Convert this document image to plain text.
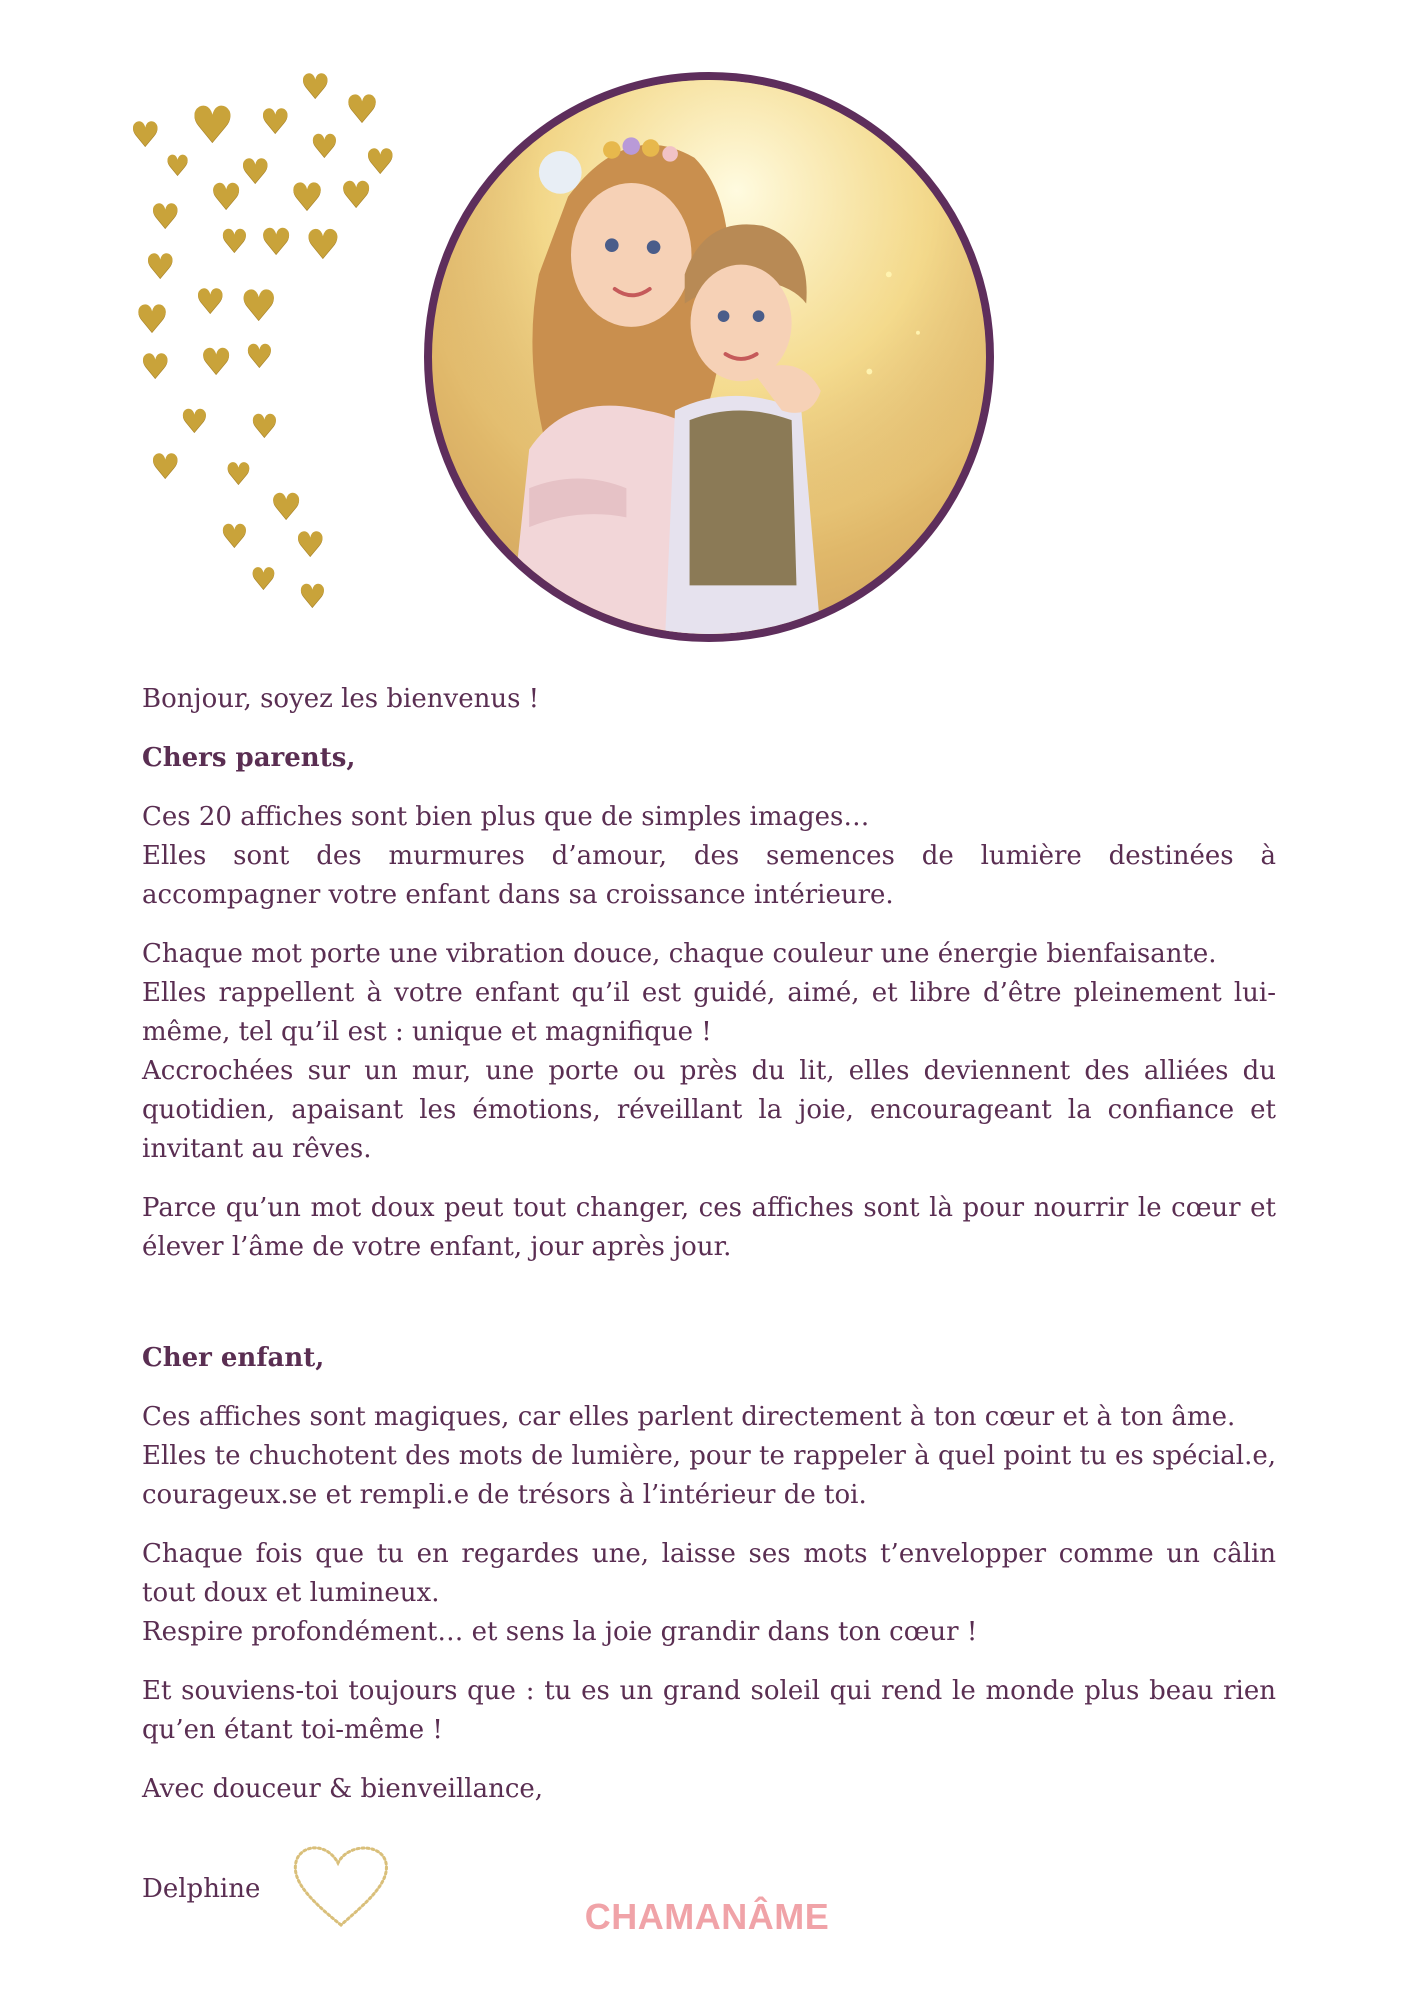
♥ ♥
♥
♥	♥
♥ ♥
♥
♥
♥ ♥ ♥
♥
♥ ♥ ♥
♥
♥ ♥
♥
♥ ♥
♥
♥ ♥
♥ ♥
♥
♥ ♥
♥ ♥

Bonjour, soyez les bienvenus !

Chers parents,

Ces 20 affiches sont bien plus que de simples images…
Elles sont des murmures d’amour, des semences de lumière destinées à accompagner votre enfant dans sa croissance intérieure.

Chaque mot porte une vibration douce, chaque couleur une énergie bienfaisante.
Elles rappellent à votre enfant qu’il est guidé, aimé, et libre d’être pleinement lui-même, tel qu’il est : unique et magnifique !
Accrochées sur un mur, une porte ou près du lit, elles deviennent des alliées du quotidien, apaisant les émotions, réveillant la joie, encourageant la confiance et invitant au rêves.

Parce qu’un mot doux peut tout changer, ces affiches sont là pour nourrir le cœur et élever l’âme de votre enfant, jour après jour.

Cher enfant,

Ces affiches sont magiques, car elles parlent directement à ton cœur et à ton âme.
Elles te chuchotent des mots de lumière, pour te rappeler à quel point tu es spécial.e, courageux.se et rempli.e de trésors à l’intérieur de toi.

Chaque fois que tu en regardes une, laisse ses mots t’envelopper comme un câlin tout doux et lumineux.
Respire profondément… et sens la joie grandir dans ton cœur !

Et souviens-toi toujours que : tu es un grand soleil qui rend le monde plus beau rien qu’en étant toi-même !

Avec douceur & bienveillance,

Delphine
CHAMANÂME
